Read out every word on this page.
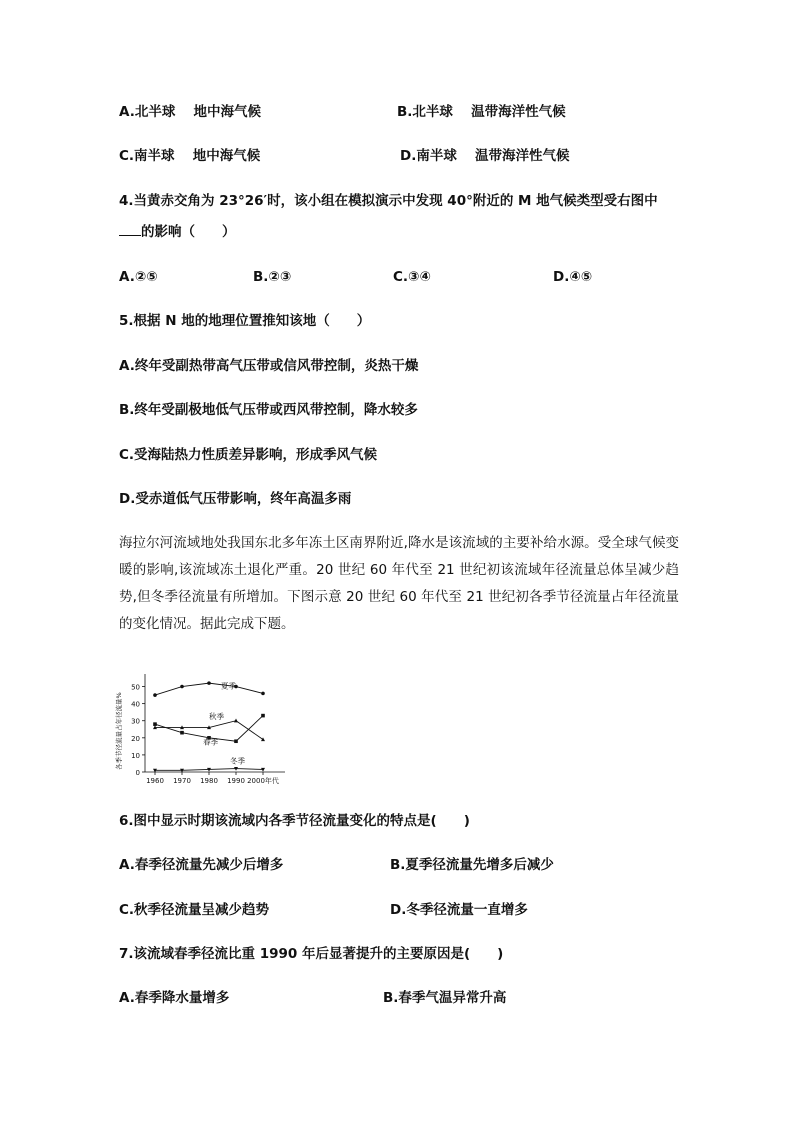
A.北半球　 地中海气候	B.北半球　 温带海洋性气候
C.南半球　 地中海气候	D.南半球　 温带海洋性气候
4.当黄赤交角为 23°26′时，该小组在模拟演示中发现 40°附近的 M 地气候类型受右图中
的影响（　　）
A.②⑤	B.②③	C.③④	D.④⑤
5.根据 N 地的地理位置推知该地（　　）
A.终年受副热带高气压带或信风带控制，炎热干燥
B.终年受副极地低气压带或西风带控制，降水较多
C.受海陆热力性质差异影响，形成季风气候
D.受赤道低气压带影响，终年高温多雨
海拉尔河流域地处我国东北多年冻土区南界附近,降水是该流域的主要补给水源。受全球气候变暖的影响,该流域冻土退化严重。20 世纪 60 年代至 21 世纪初该流域年径流量总体呈减少趋势,但冬季径流量有所增加。下图示意 20 世纪 60 年代至 21 世纪初各季节径流量占年径流量的变化情况。据此完成下题。
0
10
20
30
40
50
1960 1970 1980 1990 2000年代
各季节径流量占年径流量%
夏季
秋季
春季
冬季
6.图中显示时期该流域内各季节径流量变化的特点是(　　)
A.春季径流量先减少后增多	B.夏季径流量先增多后减少
C.秋季径流量呈减少趋势	D.冬季径流量一直增多
7.该流域春季径流比重 1990 年后显著提升的主要原因是(　　)
A.春季降水量增多	B.春季气温异常升高
